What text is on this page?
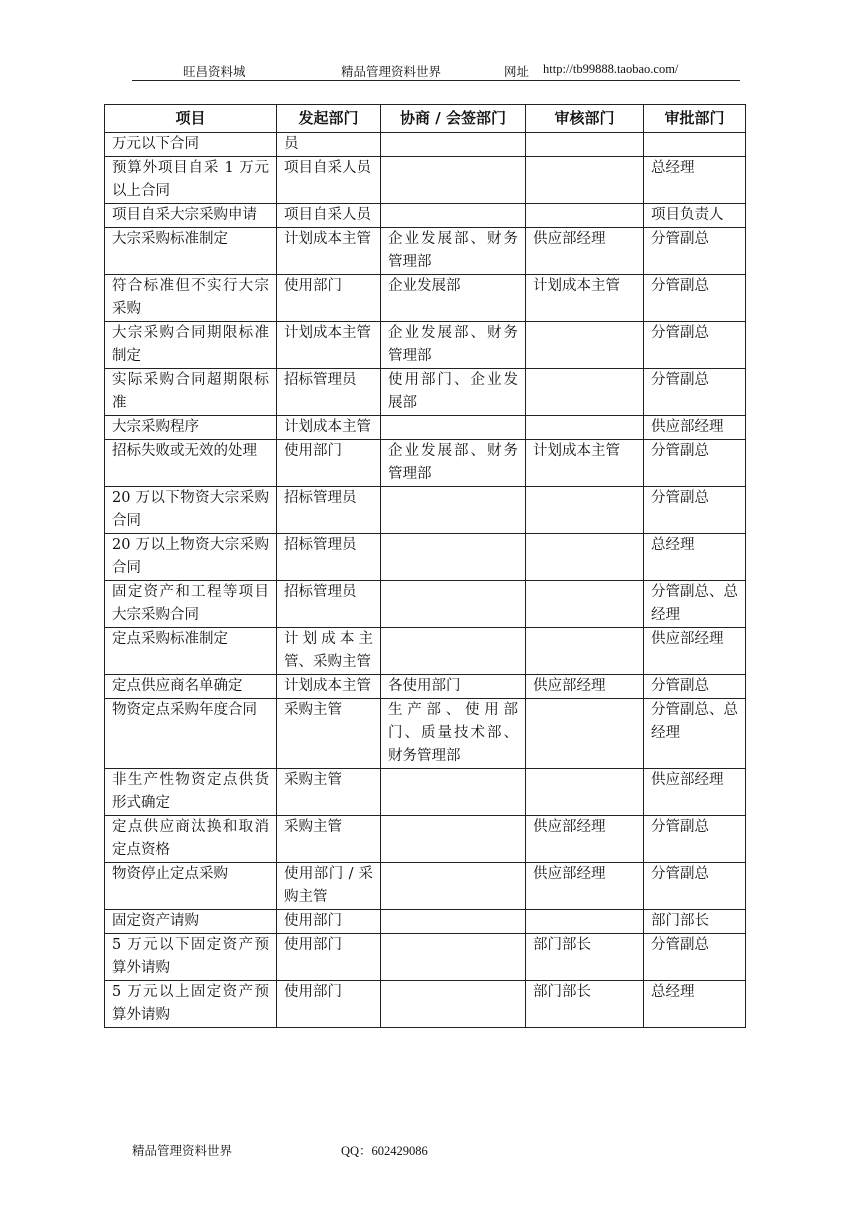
旺昌资料城	精品管理资料世界	网址 http://tb99888.taobao.com/
项目	发起部门	协商 / 会签部门	审核部门	审批部门
万元以下合同	员			
预算外项目自采 1 万元以上合同	项目自采人员			总经理
项目自采大宗采购申请	项目自采人员			项目负责人
大宗采购标准制定	计划成本主管	企业发展部、财务管理部	供应部经理	分管副总
符合标准但不实行大宗采购	使用部门	企业发展部	计划成本主管	分管副总
大宗采购合同期限标准制定	计划成本主管	企业发展部、财务管理部		分管副总
实际采购合同超期限标准	招标管理员	使用部门、企业发展部		分管副总
大宗采购程序	计划成本主管			供应部经理
招标失败或无效的处理	使用部门	企业发展部、财务管理部	计划成本主管	分管副总
20 万以下物资大宗采购合同	招标管理员			分管副总
20 万以上物资大宗采购合同	招标管理员			总经理
固定资产和工程等项目大宗采购合同	招标管理员			分管副总、总经理
定点采购标准制定	计划成本主管、采购主管			供应部经理
定点供应商名单确定	计划成本主管	各使用部门	供应部经理	分管副总
物资定点采购年度合同	采购主管	生产部、使用部门、质量技术部、财务管理部		分管副总、总经理
非生产性物资定点供货形式确定	采购主管			供应部经理
定点供应商汰换和取消定点资格	采购主管		供应部经理	分管副总
物资停止定点采购	使用部门 / 采购主管		供应部经理	分管副总
固定资产请购	使用部门			部门部长
5 万元以下固定资产预算外请购	使用部门		部门部长	分管副总
5 万元以上固定资产预算外请购	使用部门		部门部长	总经理
精品管理资料世界	QQ：602429086
